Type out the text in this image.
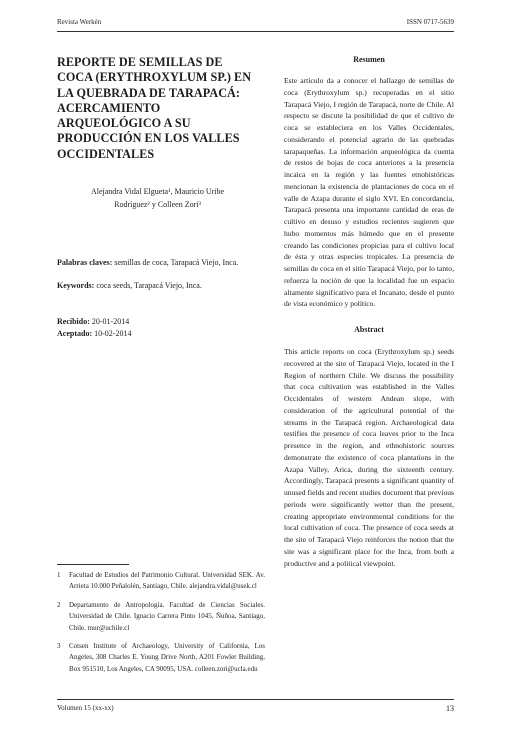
Revista Werkén	ISSN 0717-5639
REPORTE DE SEMILLAS DE COCA (ERYTHROXYLUM SP.) EN LA QUEBRADA DE TARAPACÁ: ACERCAMIENTO ARQUEOLÓGICO A SU PRODUCCIÓN EN LOS VALLES OCCIDENTALES
Alejandra Vidal Elgueta¹, Mauricio Uribe
Rodríguez² y Colleen Zori³

Palabras claves: semillas de coca, Tarapacá Viejo, Inca.

Keywords: coca seeds, Tarapacá Viejo, Inca.

Recibido: 20-01-2014

Aceptado: 10-02-2014

1	Facultad de Estudios del Patrimonio Cultural. Universidad SEK. Av. Arrieta 10.000 Peñalolén, Santiago, Chile. alejandra.vidal@usek.cl
2	Departamento de Antropología. Facultad de Ciencias Sociales. Universidad de Chile. Ignacio Carrera Pinto 1045, Ñuñoa, Santiago, Chile. mur@uchile.cl
3	Cotsen Institute of Archaeology, University of California, Los Angeles, 308 Charles E. Young Drive North, A201 Fowler Building, Box 951510, Los Angeles, CA 90095, USA. colleen.zori@ucla.edu
Resumen

Este artículo da a conocer el hallazgo de semillas de coca (Erythroxylum sp.) recuperadas en el sitio Tarapacá Viejo, I región de Tarapacá, norte de Chile. Al respecto se discute la posibilidad de que el cultivo de coca se estableciera en los Valles Occidentales, considerando el potencial agrario de las quebradas tarapaqueñas. La información arqueológica da cuenta de restos de hojas de coca anteriores a la presencia incaica en la región y las fuentes etnohistóricas mencionan la existencia de plantaciones de coca en el valle de Azapa durante el siglo XVI. En concordancia, Tarapacá presenta una importante cantidad de eras de cultivo en desuso y estudios recientes sugieren que hubo momentos más húmedo que en el presente creando las condiciones propicias para el cultivo local de ésta y otras especies tropicales. La presencia de semillas de coca en el sitio Tarapacá Viejo, por lo tanto, refuerza la noción de que la localidad fue un espacio altamente significativo para el Incanato, desde el punto de vista económico y político.

Abstract

This article reports on coca (Erythroxylum sp.) seeds recovered at the site of Tarapacá Viejo, located in the I Region of northern Chile. We discuss the possibility that coca cultivation was established in the Valles Occidentales of western Andean slope, with consideration of the agricultural potential of the streams in the Tarapacá region. Archaeological data testifies the presence of coca leaves prior to the Inca presence in the region, and ethnohistoric sources demonstrate the existence of coca plantations in the Azapa Valley, Arica, during the sixteenth century. Accordingly, Tarapacá presents a significant quantity of unused fields and recent studies document that previous periods were significantly wetter than the present, creating appropriate environmental conditions for the local cultivation of coca. The presence of coca seeds at the site of Tarapacá Viejo reinforces the notion that the site was a significant place for the Inca, from both a productive and a political viewpoint.

Volumen 15 (xx-xx)	13
